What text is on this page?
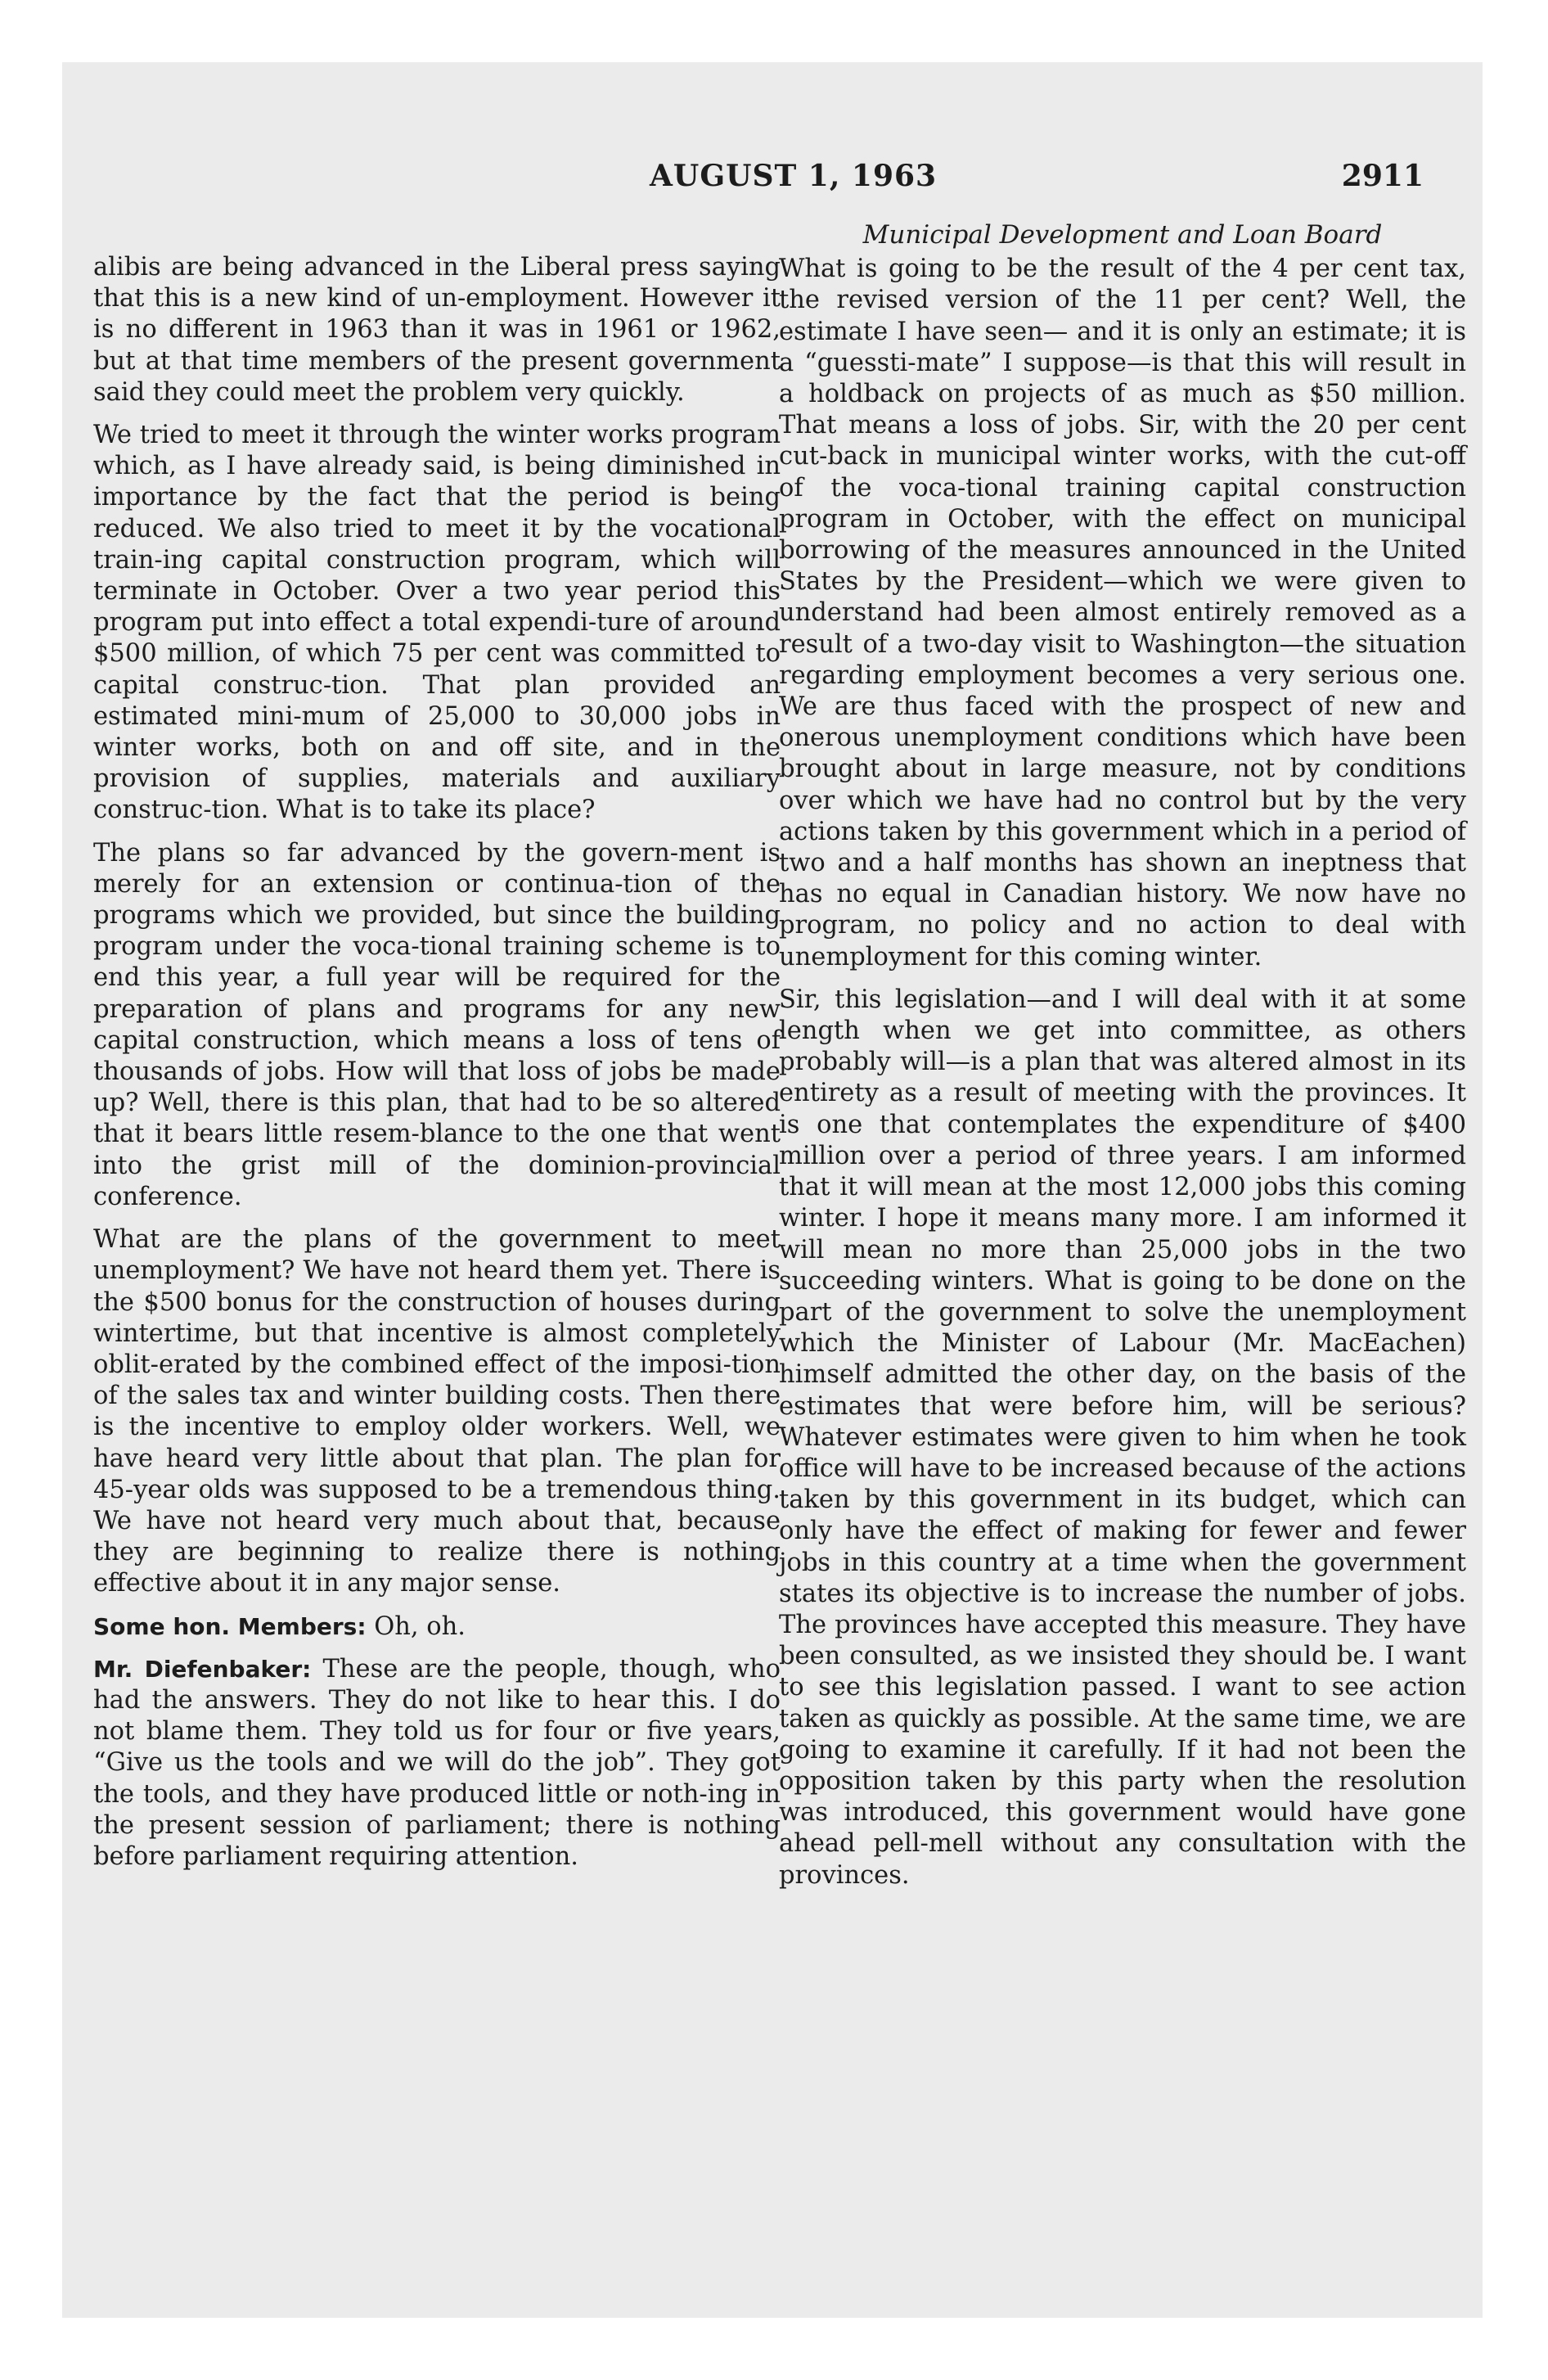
AUGUST 1, 1963	2911

alibis are being advanced in the Liberal press saying that this is a new kind of un-employment. However it is no different in 1963 than it was in 1961 or 1962, but at that time members of the present government said they could meet the problem very quickly.

We tried to meet it through the winter works program which, as I have already said, is being diminished in importance by the fact that the period is being reduced. We also tried to meet it by the vocational train-ing capital construction program, which will terminate in October. Over a two year period this program put into effect a total expendi-ture of around $500 million, of which 75 per cent was committed to capital construc-tion. That plan provided an estimated mini-mum of 25,000 to 30,000 jobs in winter works, both on and off site, and in the provision of supplies, materials and auxiliary construc-tion. What is to take its place?

The plans so far advanced by the govern-ment is merely for an extension or continua-tion of the programs which we provided, but since the building program under the voca-tional training scheme is to end this year, a full year will be required for the preparation of plans and programs for any new capital construction, which means a loss of tens of thousands of jobs. How will that loss of jobs be made up? Well, there is this plan, that had to be so altered that it bears little resem-blance to the one that went into the grist mill of the dominion-provincial conference.

What are the plans of the government to meet unemployment? We have not heard them yet. There is the $500 bonus for the construction of houses during wintertime, but that incentive is almost completely oblit-erated by the combined effect of the imposi-tion of the sales tax and winter building costs. Then there is the incentive to employ older workers. Well, we have heard very little about that plan. The plan for 45-year olds was supposed to be a tremendous thing. We have not heard very much about that, because they are beginning to realize there is nothing effective about it in any major sense.

Some hon. Members: Oh, oh.

Mr. Diefenbaker: These are the people, though, who had the answers. They do not like to hear this. I do not blame them. They told us for four or five years, “Give us the tools and we will do the job”. They got the tools, and they have produced little or noth-ing in the present session of parliament; there is nothing before parliament requiring attention.

Municipal Development and Loan Board

What is going to be the result of the 4 per cent tax, the revised version of the 11 per cent? Well, the estimate I have seen— and it is only an estimate; it is a “guessti-mate” I suppose—is that this will result in a holdback on projects of as much as $50 million. That means a loss of jobs. Sir, with the 20 per cent cut-back in municipal winter works, with the cut-off of the voca-tional training capital construction program in October, with the effect on municipal borrowing of the measures announced in the United States by the President—which we were given to understand had been almost entirely removed as a result of a two-day visit to Washington—the situation regarding employment becomes a very serious one. We are thus faced with the prospect of new and onerous unemployment conditions which have been brought about in large measure, not by conditions over which we have had no control but by the very actions taken by this government which in a period of two and a half months has shown an ineptness that has no equal in Canadian history. We now have no program, no policy and no action to deal with unemployment for this coming winter.

Sir, this legislation—and I will deal with it at some length when we get into committee, as others probably will—is a plan that was altered almost in its entirety as a result of meeting with the provinces. It is one that contemplates the expenditure of $400 million over a period of three years. I am informed that it will mean at the most 12,000 jobs this coming winter. I hope it means many more. I am informed it will mean no more than 25,000 jobs in the two succeeding winters. What is going to be done on the part of the government to solve the unemployment which the Minister of Labour (Mr. MacEachen) himself admitted the other day, on the basis of the estimates that were before him, will be serious? Whatever estimates were given to him when he took office will have to be increased because of the actions taken by this government in its budget, which can only have the effect of making for fewer and fewer jobs in this country at a time when the government states its objective is to increase the number of jobs. The provinces have accepted this measure. They have been consulted, as we insisted they should be. I want to see this legislation passed. I want to see action taken as quickly as possible. At the same time, we are going to examine it carefully. If it had not been the opposition taken by this party when the resolution was introduced, this government would have gone ahead pell-mell without any consultation with the provinces.
